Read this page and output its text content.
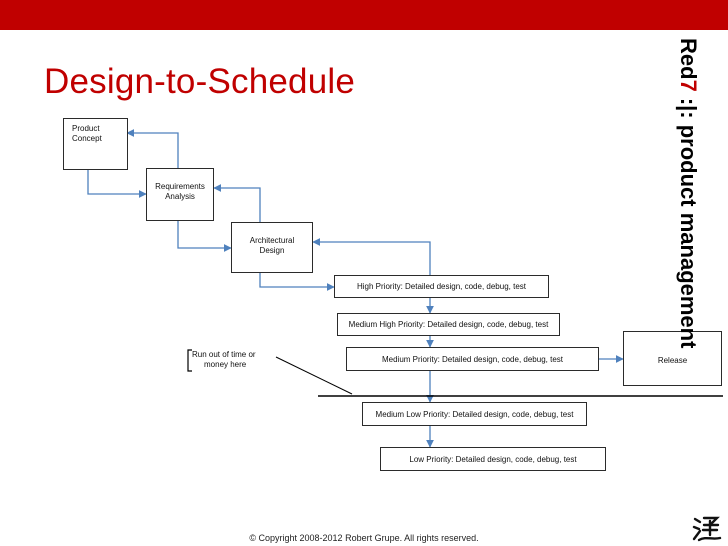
Design-to-Schedule
Product
Concept
Requirements
Analysis
Architectural
Design
High Priority: Detailed design, code, debug, test
Medium High Priority: Detailed design, code, debug, test
Medium Priority: Detailed design, code, debug, test	Release
Medium Low Priority: Detailed design, code, debug, test
Low Priority: Detailed design, code, debug, test
Run out of time or
money here
Red7:|: product management
© Copyright 2008-2012 Robert Grupe. All rights reserved.
